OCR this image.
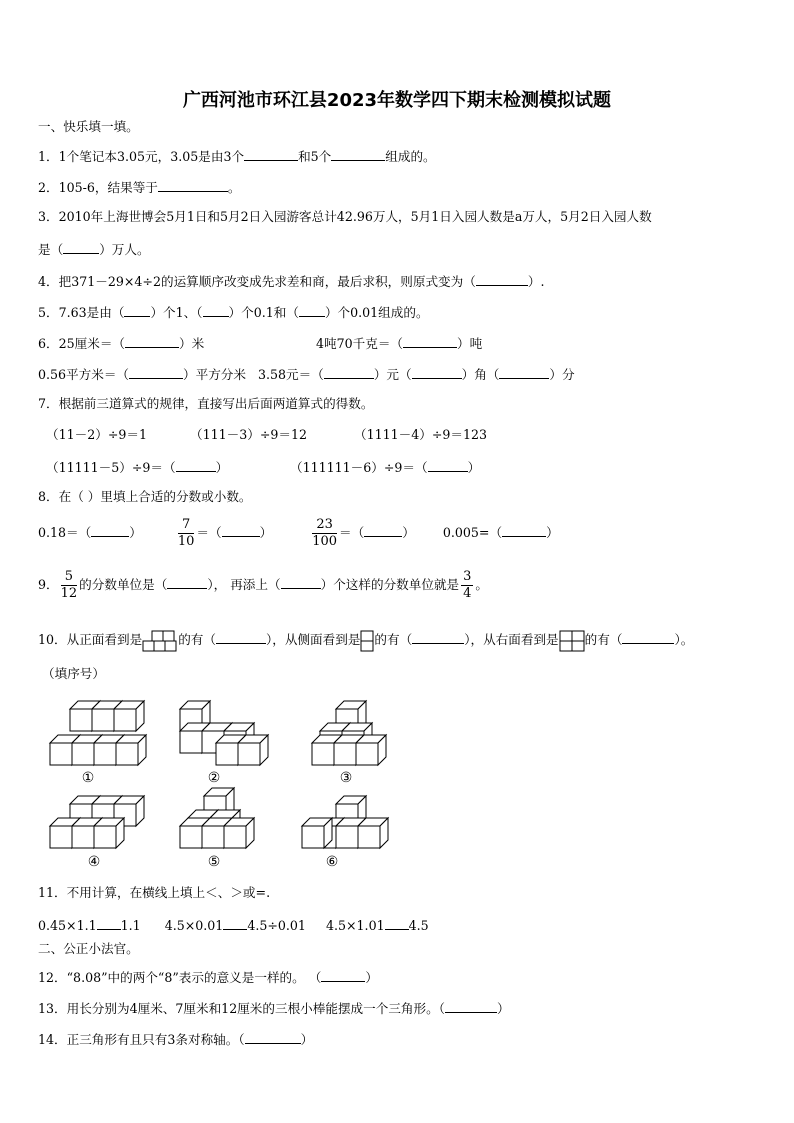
广西河池市环江县2023年数学四下期末检测模拟试题
一、快乐填一填。
1．1个笔记本3.05元，3.05是由3个	和5个	组成的。
2．105-6，结果等于	。
3．2010年上海世博会5月1日和5月2日入园游客总计42.96万人，5月1日入园人数是a万人，5月2日入园人数
是（	）万人。
4．把371－29×4÷2的运算顺序改变成先求差和商，最后求积，则原式变为（	）.
5．7.63是由（ ）个1、（ ）个0.1和（ ）个0.01组成的。
6．25厘米＝（	）米	4吨70千克＝（	）吨
0.56平方米＝（	）平方分米 3.58元＝（	）元（	）角（	）分
7．根据前三道算式的规律，直接写出后面两道算式的得数。
（11－2）÷9＝1	（111－3）÷9＝12	（1111－4）÷9＝123
（11111－5）÷9＝（	）	（111111－6）÷9＝（	）
8．在（ ）里填上合适的分数或小数。
0.18＝（	）	$\frac{7}{10}$ ＝（	）	$\frac{23}{100}$ ＝（	） 0.005=（	）
9． $\frac{5}{12}$ 的分数单位是（	）， 再添上（	）个这样的分数单位就是 $\frac{3}{4}$ 。
10．从正面看到是	的有（	），从侧面看到是 的有（	），从右面看到是 的有（	）。
（填序号）
①	②	③
④	⑤	⑥
11．不用计算，在横线上填上＜、＞或=.
0.45×1.1 1.1 4.5×0.01 4.5÷0.01 4.5×1.01 4.5
二、公正小法官。
12．“8.08”中的两个“8”表示的意义是一样的。 （	）
13．用长分别为4厘米、7厘米和12厘米的三根小棒能摆成一个三角形。（	）
14．正三角形有且只有3条对称轴。（	）
